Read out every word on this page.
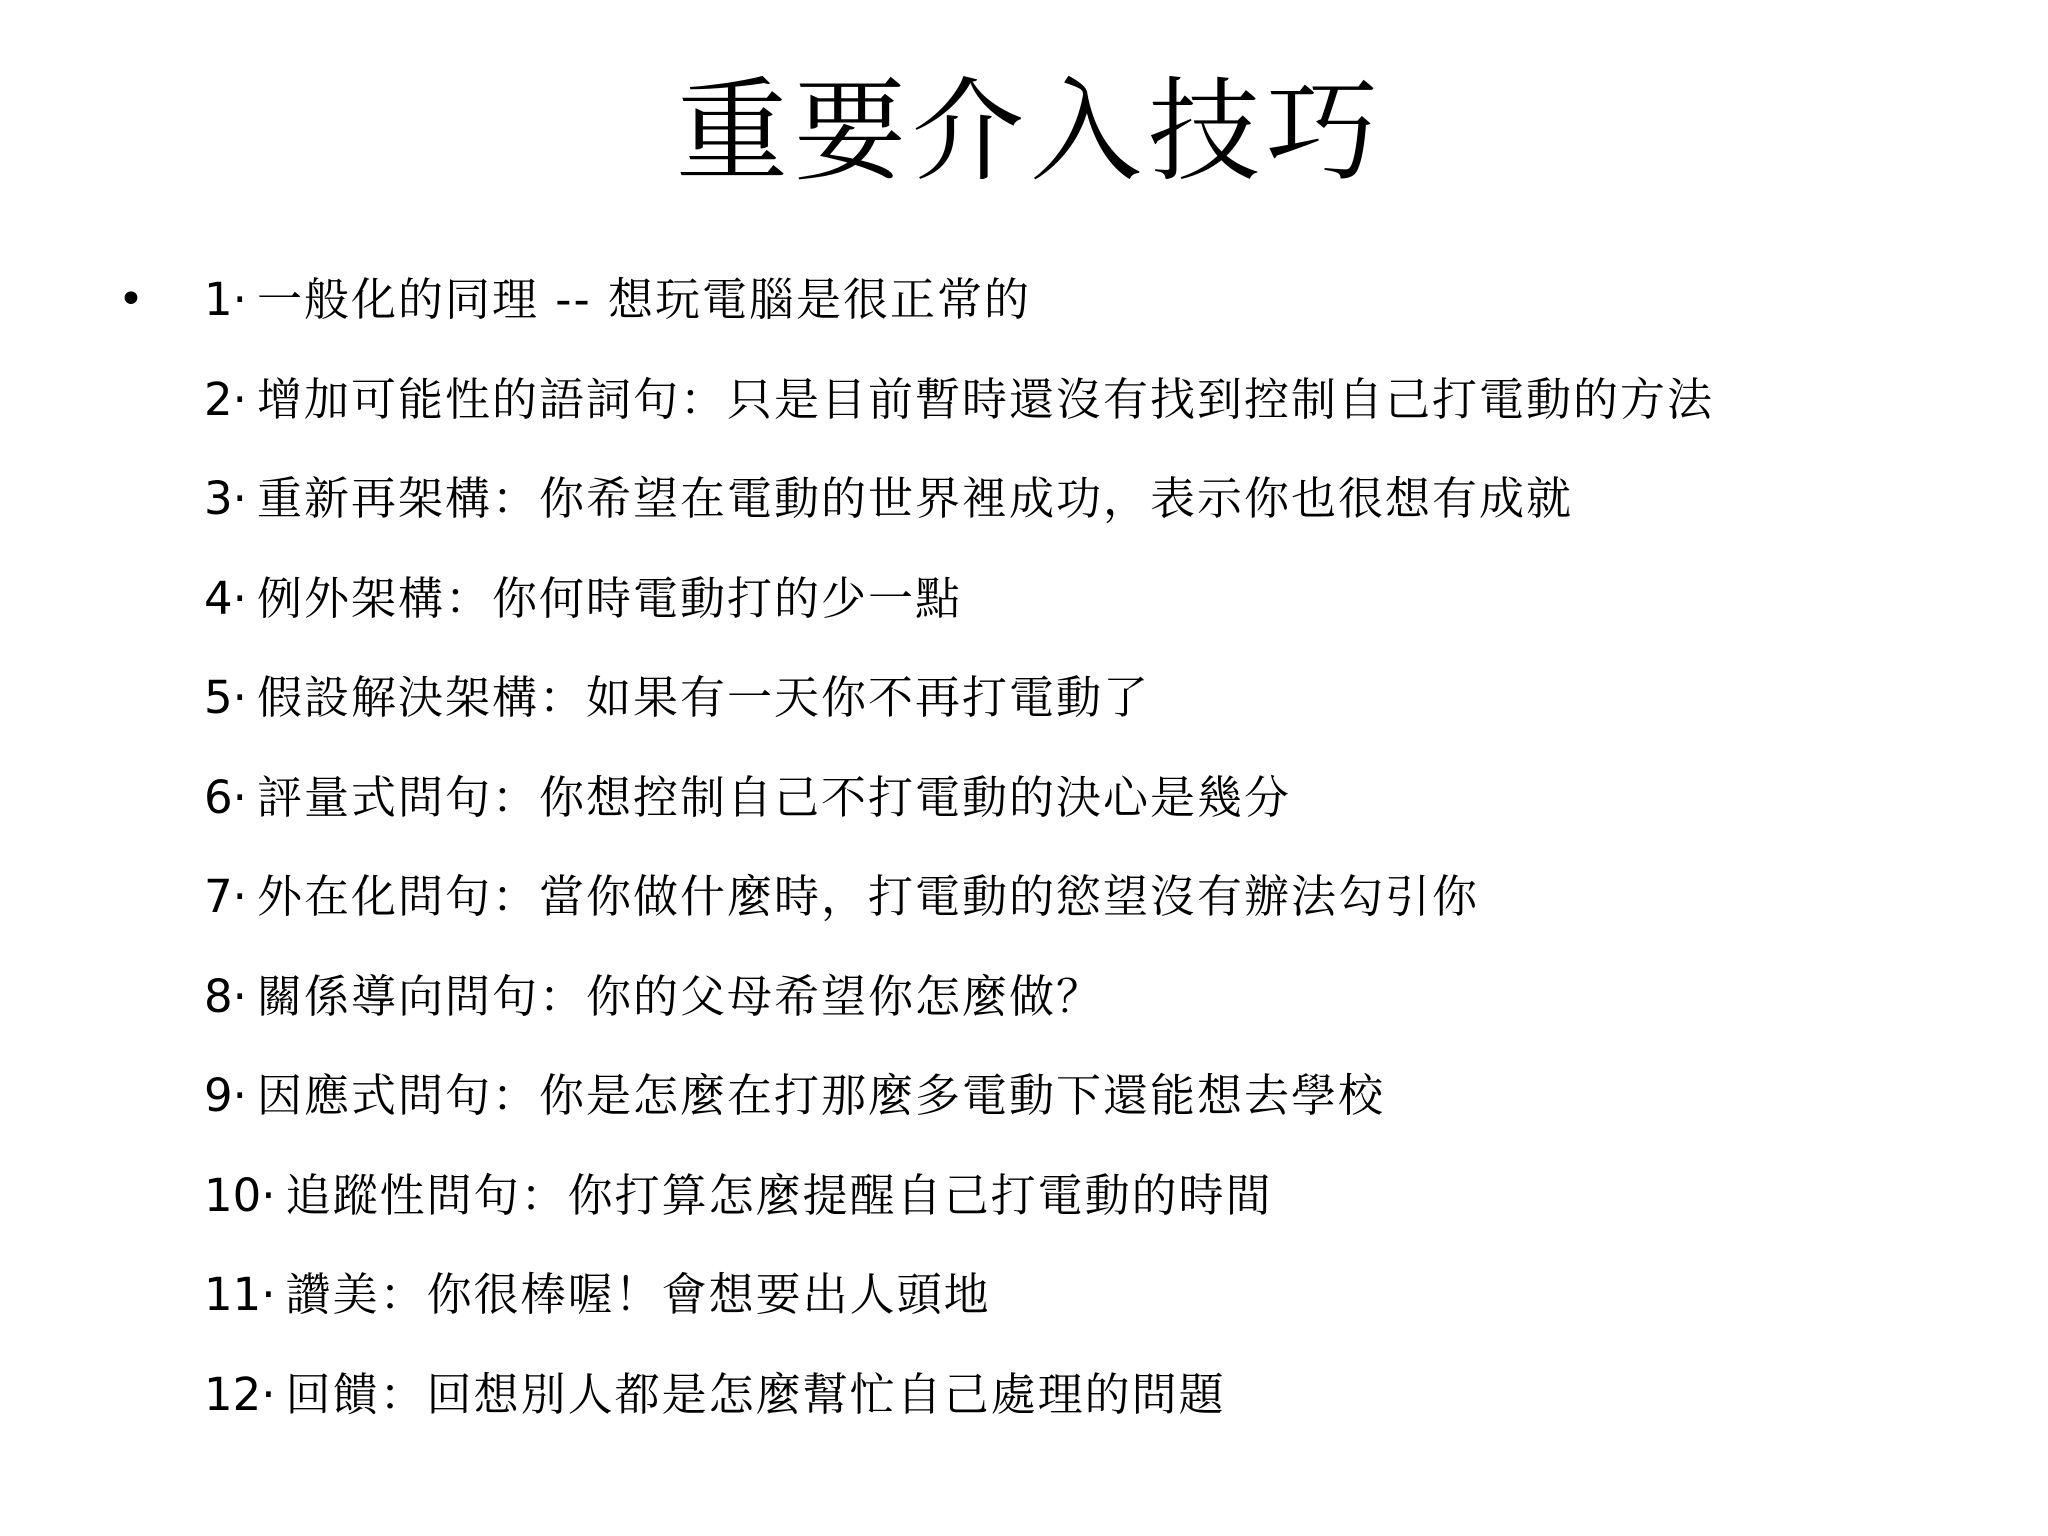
重要介入技巧
• 1· 一般化的同理 -- 想玩電腦是很正常的
2· 增加可能性的語詞句：只是目前暫時還沒有找到控制自己打電動的方法
3· 重新再架構：你希望在電動的世界裡成功，表示你也很想有成就
4· 例外架構：你何時電動打的少一點
5· 假設解決架構：如果有一天你不再打電動了
6· 評量式問句：你想控制自己不打電動的決心是幾分
7· 外在化問句：當你做什麼時，打電動的慾望沒有辦法勾引你
8· 關係導向問句：你的父母希望你怎麼做？
9· 因應式問句：你是怎麼在打那麼多電動下還能想去學校
10· 追蹤性問句：你打算怎麼提醒自己打電動的時間
11· 讚美：你很棒喔！會想要出人頭地
12· 回饋：回想別人都是怎麼幫忙自己處理的問題
